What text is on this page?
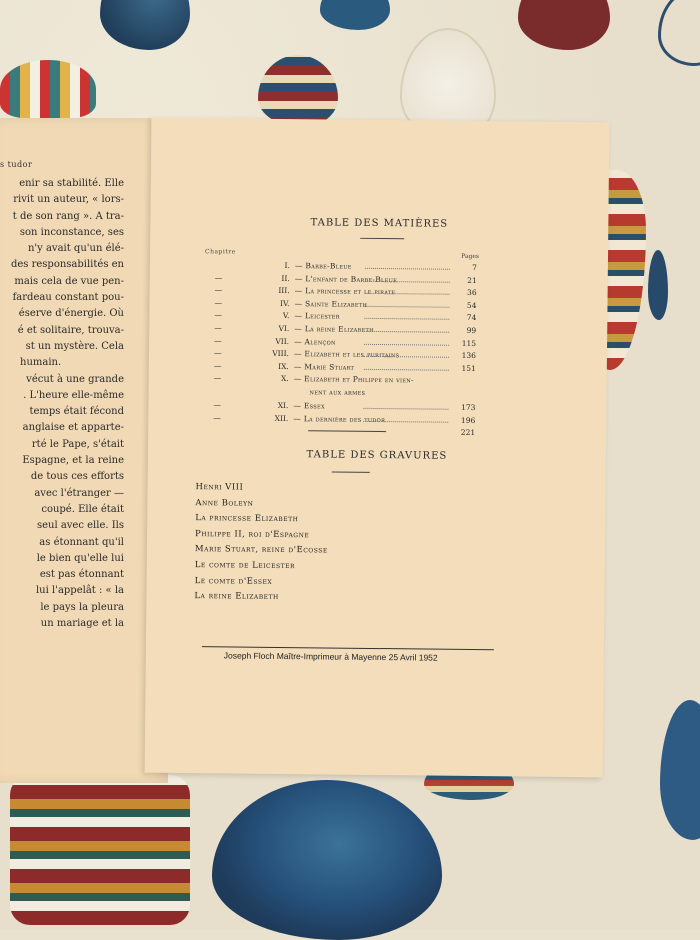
s tudor
enir sa stabilité. Elle
rivit un auteur, « lors-
t de son rang ». A tra-
son inconstance, ses
n'y avait qu'un élé-
des responsabilités en
mais cela de vue pen-
fardeau constant pou-
éserve d'énergie. Où
é et solitaire, trouva-
st un mystère. Cela
humain.
vécut à une grande
. L'heure elle-même
temps était fécond
anglaise et apparte-
rté le Pape, s'était
Espagne, et la reine
de tous ces efforts
avec l'étranger —
coupé. Elle était
seul avec elle. Ils
as étonnant qu'il
le bien qu'elle lui
est pas étonnant
lui l'appelât : « la
le pays la pleura
un mariage et la
TABLE DES MATIÈRES
Chapitre
Pages
I. — Barbe-Bleue	7
—	II. — L'enfant de Barbe-Bleue	21
—	III. — La princesse et le pirate	36
—	IV. — Sainte Elizabeth	54
—	V. — Leicester	74
—	VI. — La reine Elizabeth	99
—	VII. — Alençon	115
—	VIII. — Elizabeth et les puritains	136
—	IX. — Marie Stuart	151
—	X. — Elizabeth et Philippe en vien-
nent aux armes
—	XI. — Essex	173
—	XII. — La dernière des tudor	196
221
TABLE DES GRAVURES
Henri VIII
Anne Boleyn
La princesse Elizabeth
Philippe II, roi d'Espagne
Marie Stuart, reine d'Ecosse
Le comte de Leicester
Le comte d'Essex
La reine Elizabeth
Joseph Floch Maître-Imprimeur à Mayenne 25 Avril 1952
